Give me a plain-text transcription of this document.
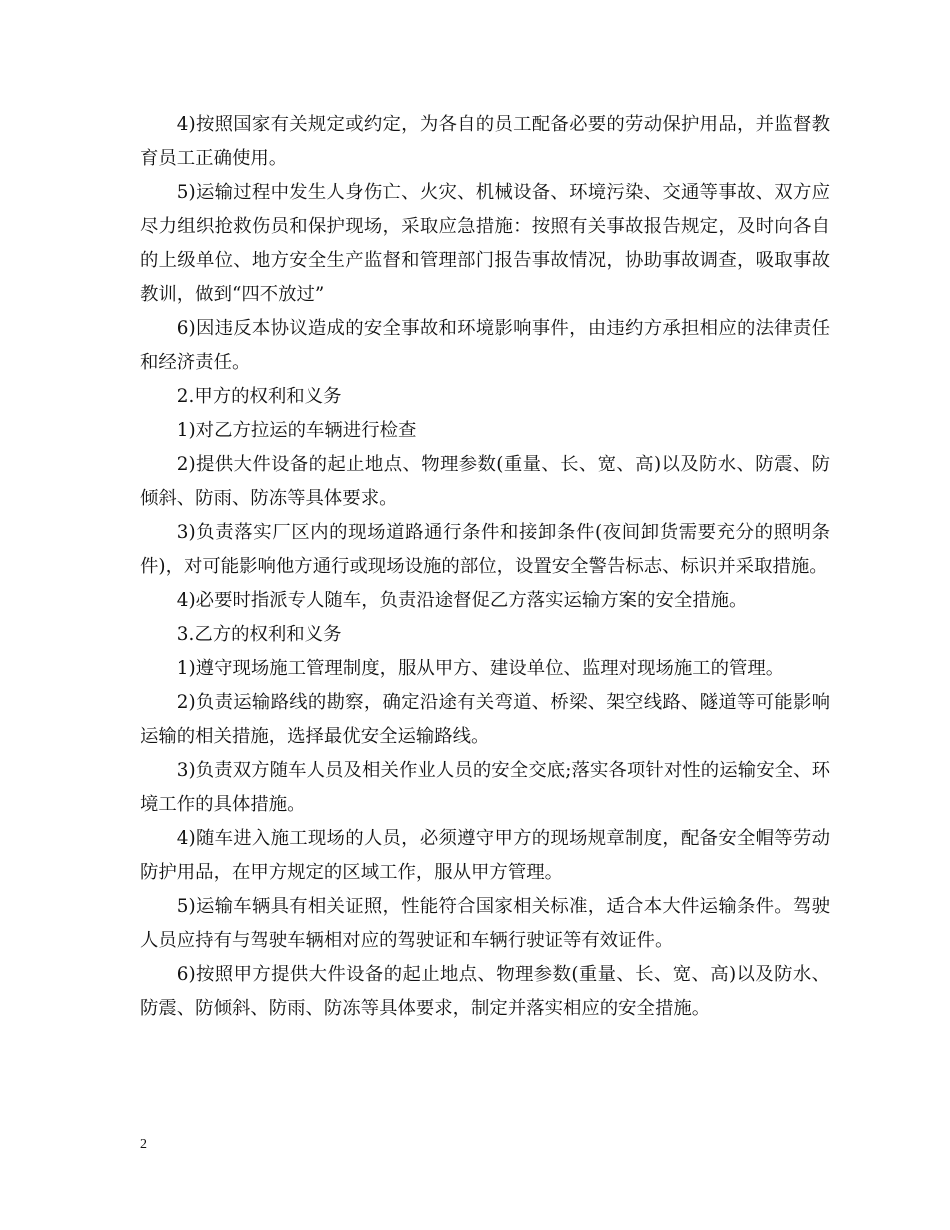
4)按照国家有关规定或约定，为各自的员工配备必要的劳动保护用品，并监督教育员工正确使用。

5)运输过程中发生人身伤亡、火灾、机械设备、环境污染、交通等事故、双方应尽力组织抢救伤员和保护现场，采取应急措施：按照有关事故报告规定，及时向各自的上级单位、地方安全生产监督和管理部门报告事故情况，协助事故调查，吸取事故教训，做到“四不放过”

6)因违反本协议造成的安全事故和环境影响事件，由违约方承担相应的法律责任和经济责任。

2.甲方的权利和义务

1)对乙方拉运的车辆进行检查

2)提供大件设备的起止地点、物理参数(重量、长、宽、高)以及防水、防震、防倾斜、防雨、防冻等具体要求。

3)负责落实厂区内的现场道路通行条件和接卸条件(夜间卸货需要充分的照明条件)，对可能影响他方通行或现场设施的部位，设置安全警告标志、标识并采取措施。

4)必要时指派专人随车，负责沿途督促乙方落实运输方案的安全措施。

3.乙方的权利和义务

1)遵守现场施工管理制度，服从甲方、建设单位、监理对现场施工的管理。

2)负责运输路线的勘察，确定沿途有关弯道、桥梁、架空线路、隧道等可能影响运输的相关措施，选择最优安全运输路线。

3)负责双方随车人员及相关作业人员的安全交底;落实各项针对性的运输安全、环境工作的具体措施。

4)随车进入施工现场的人员，必须遵守甲方的现场规章制度，配备安全帽等劳动防护用品，在甲方规定的区域工作，服从甲方管理。

5)运输车辆具有相关证照，性能符合国家相关标准，适合本大件运输条件。驾驶人员应持有与驾驶车辆相对应的驾驶证和车辆行驶证等有效证件。

6)按照甲方提供大件设备的起止地点、物理参数(重量、长、宽、高)以及防水、防震、防倾斜、防雨、防冻等具体要求，制定并落实相应的安全措施。

2
